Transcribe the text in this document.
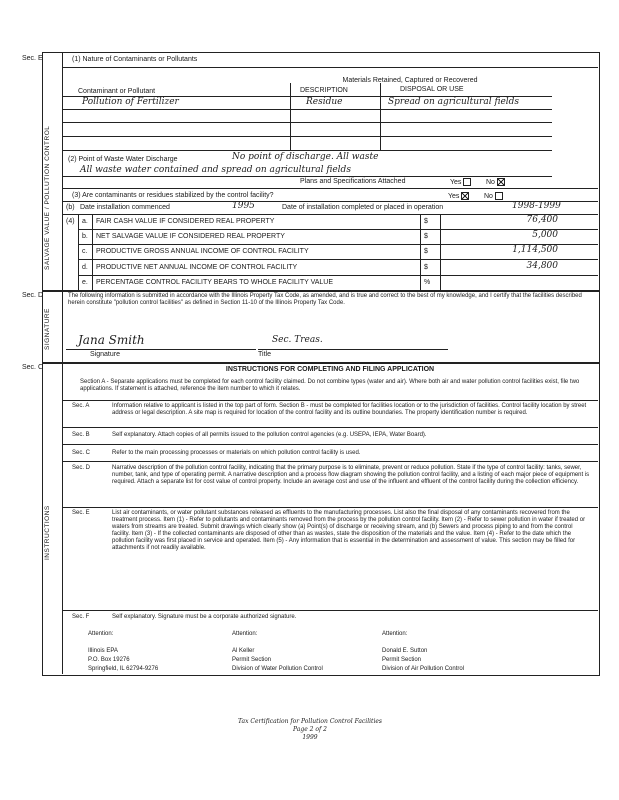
Sec. E
SALVAGE VALUE / POLLUTION CONTROL
(1) Nature of Contaminants or Pollutants
Materials Retained, Captured or Recovered
Contaminant or Pollutant	DESCRIPTION	DISPOSAL OR USE
Pollution of Fertilizer	Residue	Spread on agricultural fields
(2) Point of Waste Water Discharge	No point of discharge. All waste
All waste water contained and spread on agricultural fields
Plans and Specifications Attached	Yes	No
(3) Are contaminants or residues stabilized by the control facility?	Yes	No
(b) Date installation commenced	1995	Date of installation completed or placed in operation	1998-1999
(4) a. FAIR CASH VALUE IF CONSIDERED REAL PROPERTY	$	76,400
b. NET SALVAGE VALUE IF CONSIDERED REAL PROPERTY	$	5,000
c. PRODUCTIVE GROSS ANNUAL INCOME OF CONTROL FACILITY	$	1,114,500
d. PRODUCTIVE NET ANNUAL INCOME OF CONTROL FACILITY	$	34,800
e. PERCENTAGE CONTROL FACILITY BEARS TO WHOLE FACILITY VALUE	%
Sec. D
SIGNATURE
The following information is submitted in accordance with the Illinois Property Tax Code, as amended, and is true and correct to the best of my knowledge, and I certify that the facilities described herein constitute "pollution control facilities" as defined in Section 11-10 of the Illinois Property Tax Code.
Jana Smith	Sec. Treas.
Signature	Title
Sec. C
INSTRUCTIONS
INSTRUCTIONS FOR COMPLETING AND FILING APPLICATION
Section A - Separate applications must be completed for each control facility claimed. Do not combine types (water and air). Where both air and water pollution control facilities exist, file two applications. If statement is attached, reference the item number to which it relates.
Sec. A	Information relative to applicant is listed in the top part of form. Section B - must be completed for facilities location or to the jurisdiction of facilities. Control facility location by street address or legal description. A site map is required for location of the control facility and its outline boundaries. The property identification number is required.
Sec. B	Self explanatory. Attach copies of all permits issued to the pollution control agencies (e.g. USEPA, IEPA, Water Board).
Sec. C	Refer to the main processing processes or materials on which pollution control facility is used.
Sec. D	Narrative description of the pollution control facility, indicating that the primary purpose is to eliminate, prevent or reduce pollution. State if the type of control facility: tanks, sewer, number, tank, and type of operating permit. A narrative description and a process flow diagram showing the pollution control facility, and a listing of each major piece of equipment is required. Attach a separate list for cost value of control property. Include an average cost and use of the influent and effluent of the control facility during the collection efficiency.
Sec. E	List air contaminants, or water pollutant substances released as effluents to the manufacturing processes. List also the final disposal of any contaminants recovered from the treatment process. Item (1) - Refer to pollutants and contaminants removed from the process by the pollution control facility. Item (2) - Refer to sewer pollution in water if treated or waters from streams are treated. Submit drawings which clearly show (a) Point(s) of discharge or receiving stream, and (b) Sewers and process piping to and from the control facility. Item (3) - If the collected contaminants are disposed of other than as wastes, state the disposition of the materials and the value. Item (4) - Refer to the date which the pollution facility was first placed in service and operated. Item (5) - Any information that is essential in the determination and assessment of value. This section may be filled for attachments if not readily available.
Sec. F	Self explanatory. Signature must be a corporate authorized signature.
Attention:
Illinois EPA
P.O. Box 19276
Springfield, IL 62794-9276
Attention:
Al Keller
Permit Section
Division of Water Pollution Control
Attention:
Donald E. Sutton
Permit Section
Division of Air Pollution Control
Tax Certification for Pollution Control Facilities
Page 2 of 2
1999
